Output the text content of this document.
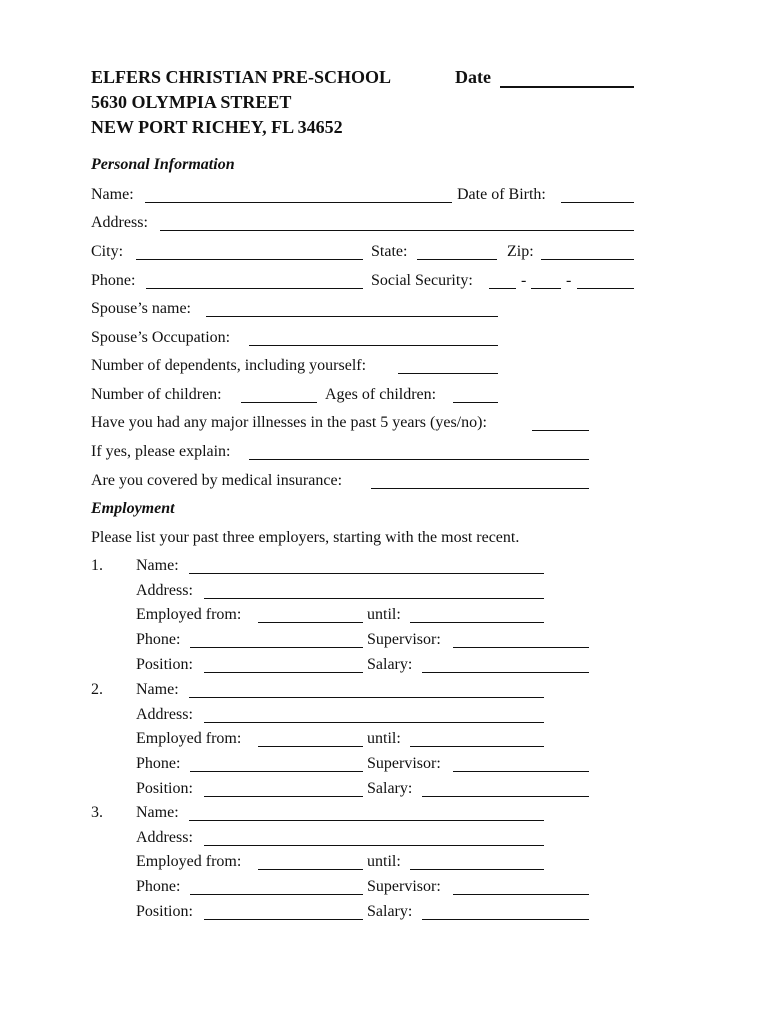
ELFERS CHRISTIAN PRE-SCHOOL
5630 OLYMPIA STREET
NEW PORT RICHEY, FL 34652
Date
Personal Information
Name:	Date of Birth:
Address:
City:	State:	Zip:
Phone:	Social Security:	- -
Spouse’s name:
Spouse’s Occupation:
Number of dependents, including yourself:
Number of children:	Ages of children:
Have you had any major illnesses in the past 5 years (yes/no):
If yes, please explain:
Are you covered by medical insurance:
Employment
Please list your past three employers, starting with the most recent.
1. Name:
Address:
Employed from:	until:
Phone:	Supervisor:
Position:	Salary:
2. Name:
Address:
Employed from:	until:
Phone:	Supervisor:
Position:	Salary:
3. Name:
Address:
Employed from:	until:
Phone:	Supervisor:
Position:	Salary:
